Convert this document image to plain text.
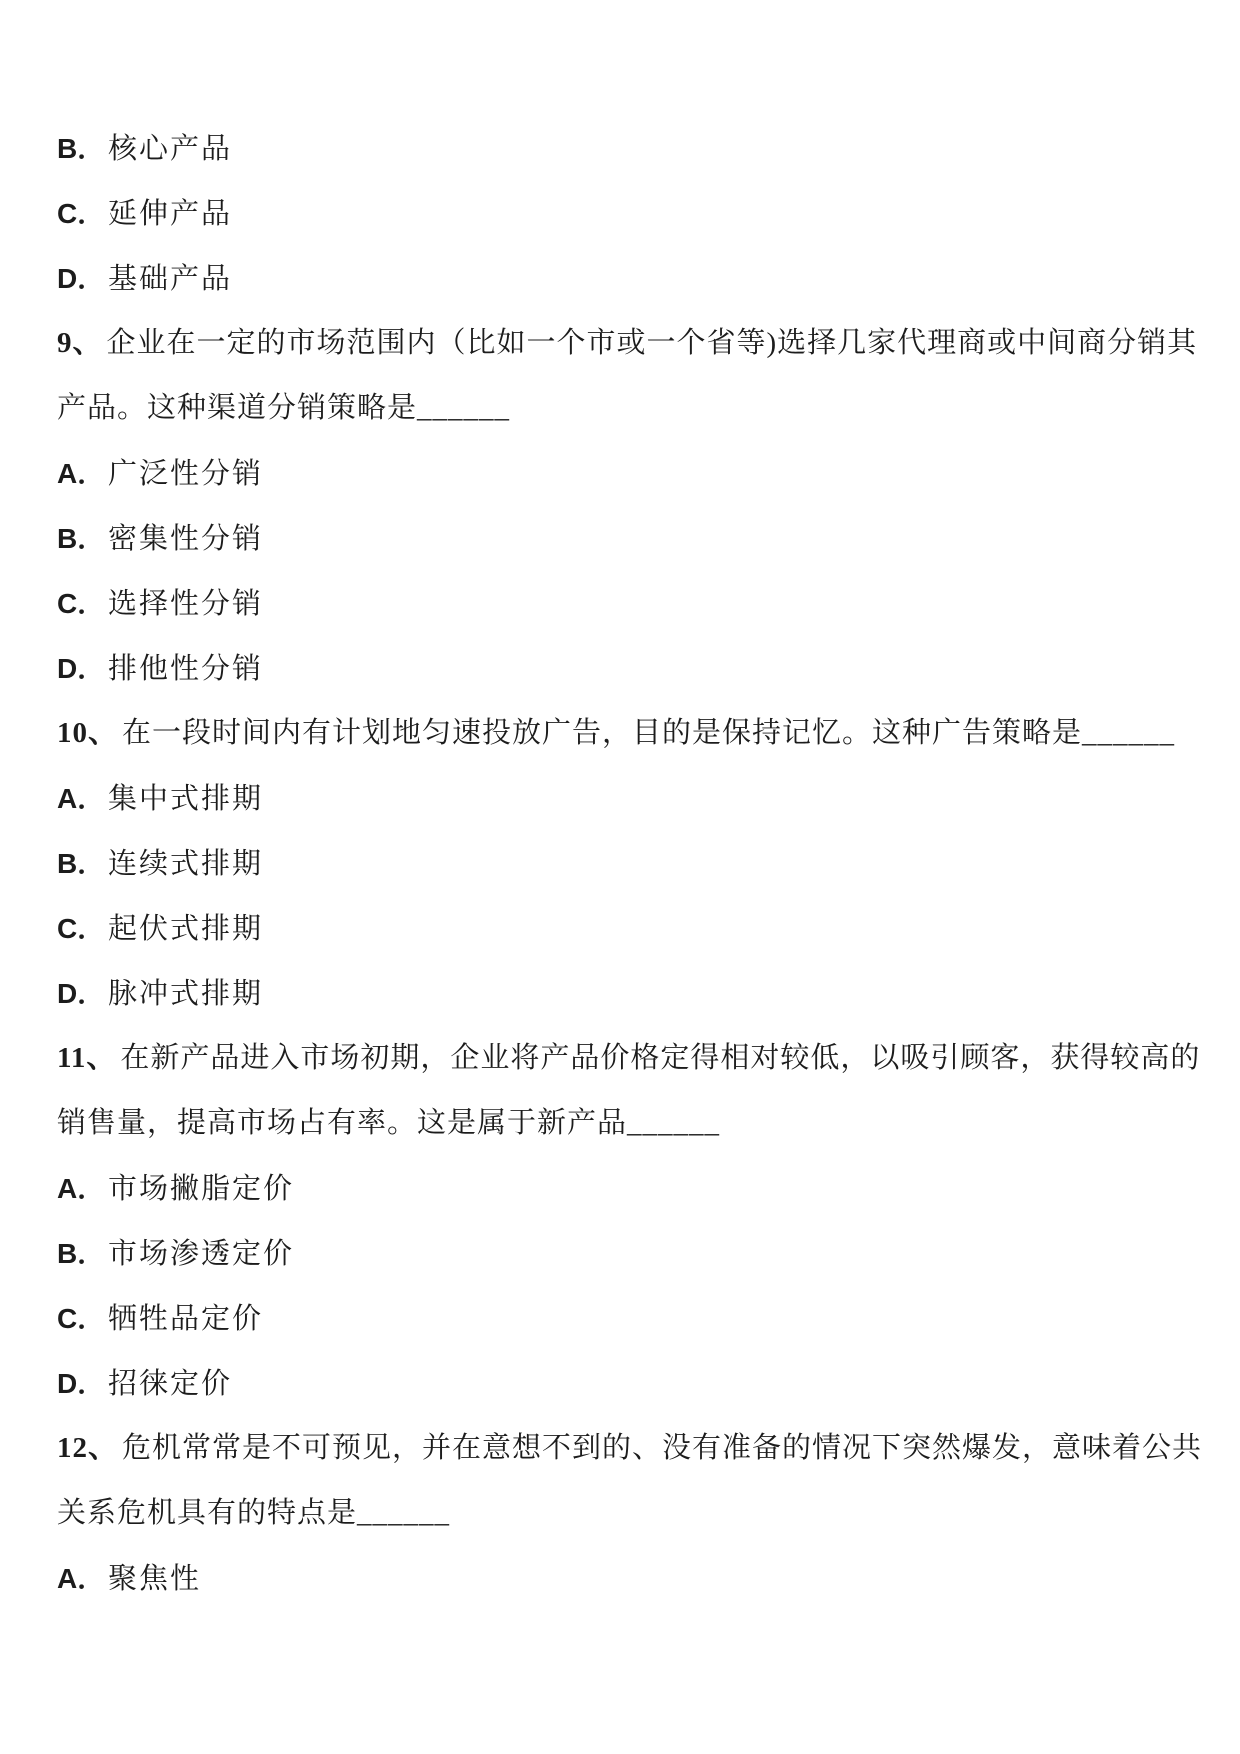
B．核心产品
C．延伸产品
D．基础产品
9、 企业在一定的市场范围内（比如一个市或一个省等)选择几家代理商或中间商分销其
产品。这种渠道分销策略是______
A．广泛性分销
B．密集性分销
C．选择性分销
D．排他性分销
10、 在一段时间内有计划地匀速投放广告，目的是保持记忆。这种广告策略是______
A．集中式排期
B．连续式排期
C．起伏式排期
D．脉冲式排期
11、 在新产品进入市场初期，企业将产品价格定得相对较低，以吸引顾客，获得较高的
销售量，提高市场占有率。这是属于新产品______
A．市场撇脂定价
B．市场渗透定价
C．牺牲品定价
D．招徕定价
12、 危机常常是不可预见，并在意想不到的、没有准备的情况下突然爆发，意味着公共
关系危机具有的特点是______
A．聚焦性
